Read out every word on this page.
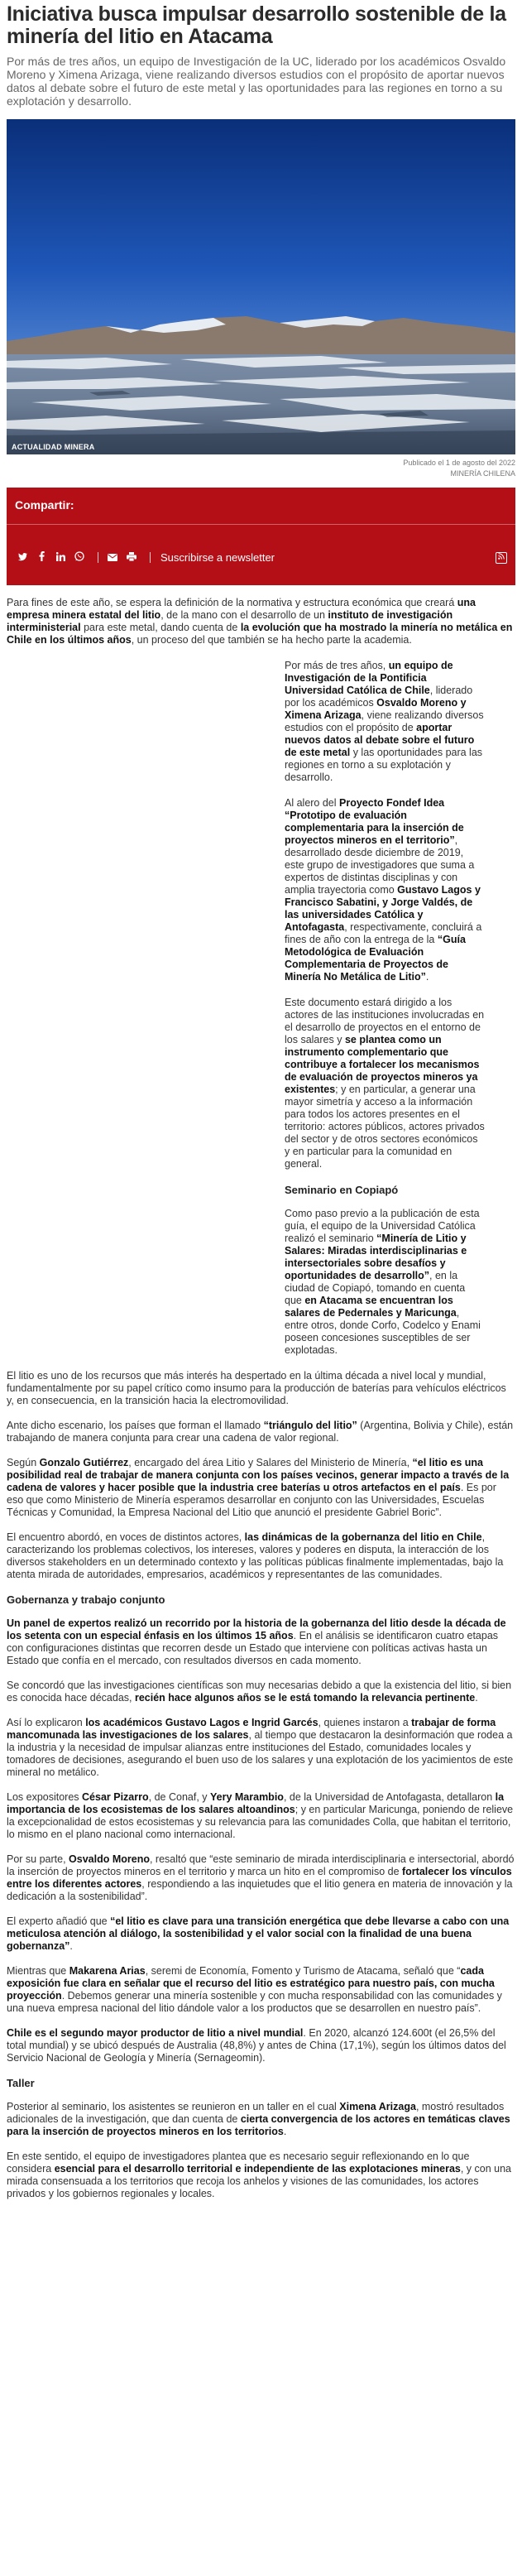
Iniciativa busca impulsar desarrollo sostenible de la minería del litio en Atacama
Por más de tres años, un equipo de Investigación de la UC, liderado por los académicos Osvaldo Moreno y Ximena Arizaga, viene realizando diversos estudios con el propósito de aportar nuevos datos al debate sobre el futuro de este metal y las oportunidades para las regiones en torno a su explotación y desarrollo.
ACTUALIDAD MINERA
Publicado el 1 de agosto del 2022
MINERÍA CHILENA
Compartir:
Suscribirse a newsletter

Para fines de este año, se espera la definición de la normativa y estructura económica que creará una empresa minera estatal del litio, de la mano con el desarrollo de un instituto de investigación interministerial para este metal, dando cuenta de la evolución que ha mostrado la minería no metálica en Chile en los últimos años, un proceso del que también se ha hecho parte la academia.

Por más de tres años, un equipo de Investigación de la Pontificia Universidad Católica de Chile, liderado por los académicos Osvaldo Moreno y Ximena Arizaga, viene realizando diversos estudios con el propósito de aportar nuevos datos al debate sobre el futuro de este metal y las oportunidades para las regiones en torno a su explotación y desarrollo.

Al alero del Proyecto Fondef Idea “Prototipo de evaluación complementaria para la inserción de proyectos mineros en el territorio”, desarrollado desde diciembre de 2019, este grupo de investigadores que suma a expertos de distintas disciplinas y con amplia trayectoria como Gustavo Lagos y Francisco Sabatini, y Jorge Valdés, de las universidades Católica y Antofagasta, respectivamente, concluirá a fines de año con la entrega de la “Guía Metodológica de Evaluación Complementaria de Proyectos de Minería No Metálica de Litio”.

Este documento estará dirigido a los actores de las instituciones involucradas en el desarrollo de proyectos en el entorno de los salares y se plantea como un instrumento complementario que contribuye a fortalecer los mecanismos de evaluación de proyectos mineros ya existentes; y en particular, a generar una mayor simetría y acceso a la información para todos los actores presentes en el territorio: actores públicos, actores privados del sector y de otros sectores económicos y en particular para la comunidad en general.

Seminario en Copiapó

Como paso previo a la publicación de esta guía, el equipo de la Universidad Católica realizó el seminario “Minería de Litio y Salares: Miradas interdisciplinarias e intersectoriales sobre desafíos y oportunidades de desarrollo”, en la ciudad de Copiapó, tomando en cuenta que en Atacama se encuentran los salares de Pedernales y Maricunga, entre otros, donde Corfo, Codelco y Enami poseen concesiones susceptibles de ser explotadas.

El litio es uno de los recursos que más interés ha despertado en la última década a nivel local y mundial, fundamentalmente por su papel crítico como insumo para la producción de baterías para vehículos eléctricos y, en consecuencia, en la transición hacia la electromovilidad.

Ante dicho escenario, los países que forman el llamado “triángulo del litio” (Argentina, Bolivia y Chile), están trabajando de manera conjunta para crear una cadena de valor regional.

Según Gonzalo Gutiérrez, encargado del área Litio y Salares del Ministerio de Minería, “el litio es una posibilidad real de trabajar de manera conjunta con los países vecinos, generar impacto a través de la cadena de valores y hacer posible que la industria cree baterías u otros artefactos en el país. Es por eso que como Ministerio de Minería esperamos desarrollar en conjunto con las Universidades, Escuelas Técnicas y Comunidad, la Empresa Nacional del Litio que anunció el presidente Gabriel Boric”.

El encuentro abordó, en voces de distintos actores, las dinámicas de la gobernanza del litio en Chile, caracterizando los problemas colectivos, los intereses, valores y poderes en disputa, la interacción de los diversos stakeholders en un determinado contexto y las políticas públicas finalmente implementadas, bajo la atenta mirada de autoridades, empresarios, académicos y representantes de las comunidades.

Gobernanza y trabajo conjunto

Un panel de expertos realizó un recorrido por la historia de la gobernanza del litio desde la década de los setenta con un especial énfasis en los últimos 15 años. En el análisis se identificaron cuatro etapas con configuraciones distintas que recorren desde un Estado que interviene con políticas activas hasta un Estado que confía en el mercado, con resultados diversos en cada momento.

Se concordó que las investigaciones científicas son muy necesarias debido a que la existencia del litio, si bien es conocida hace décadas, recién hace algunos años se le está tomando la relevancia pertinente.

Así lo explicaron los académicos Gustavo Lagos e Ingrid Garcés, quienes instaron a trabajar de forma mancomunada las investigaciones de los salares, al tiempo que destacaron la desinformación que rodea a la industria y la necesidad de impulsar alianzas entre instituciones del Estado, comunidades locales y tomadores de decisiones, asegurando el buen uso de los salares y una explotación de los yacimientos de este mineral no metálico.

Los expositores César Pizarro, de Conaf, y Yery Marambio, de la Universidad de Antofagasta, detallaron la importancia de los ecosistemas de los salares altoandinos; y en particular Maricunga, poniendo de relieve la excepcionalidad de estos ecosistemas y su relevancia para las comunidades Colla, que habitan el territorio, lo mismo en el plano nacional como internacional.

Por su parte, Osvaldo Moreno, resaltó que “este seminario de mirada interdisciplinaria e intersectorial, abordó la inserción de proyectos mineros en el territorio y marca un hito en el compromiso de fortalecer los vínculos entre los diferentes actores, respondiendo a las inquietudes que el litio genera en materia de innovación y la dedicación a la sostenibilidad”.

El experto añadió que “el litio es clave para una transición energética que debe llevarse a cabo con una meticulosa atención al diálogo, la sostenibilidad y el valor social con la finalidad de una buena gobernanza”.

Mientras que Makarena Arias, seremi de Economía, Fomento y Turismo de Atacama, señaló que “cada exposición fue clara en señalar que el recurso del litio es estratégico para nuestro país, con mucha proyección. Debemos generar una minería sostenible y con mucha responsabilidad con las comunidades y una nueva empresa nacional del litio dándole valor a los productos que se desarrollen en nuestro país”.

Chile es el segundo mayor productor de litio a nivel mundial. En 2020, alcanzó 124.600t (el 26,5% del total mundial) y se ubicó después de Australia (48,8%) y antes de China (17,1%), según los últimos datos del Servicio Nacional de Geología y Minería (Sernageomin).

Taller

Posterior al seminario, los asistentes se reunieron en un taller en el cual Ximena Arizaga, mostró resultados adicionales de la investigación, que dan cuenta de cierta convergencia de los actores en temáticas claves para la inserción de proyectos mineros en los territorios.

En este sentido, el equipo de investigadores plantea que es necesario seguir reflexionando en lo que considera esencial para el desarrollo territorial e independiente de las explotaciones mineras, y con una mirada consensuada a los territorios que recoja los anhelos y visiones de las comunidades, los actores privados y los gobiernos regionales y locales.
